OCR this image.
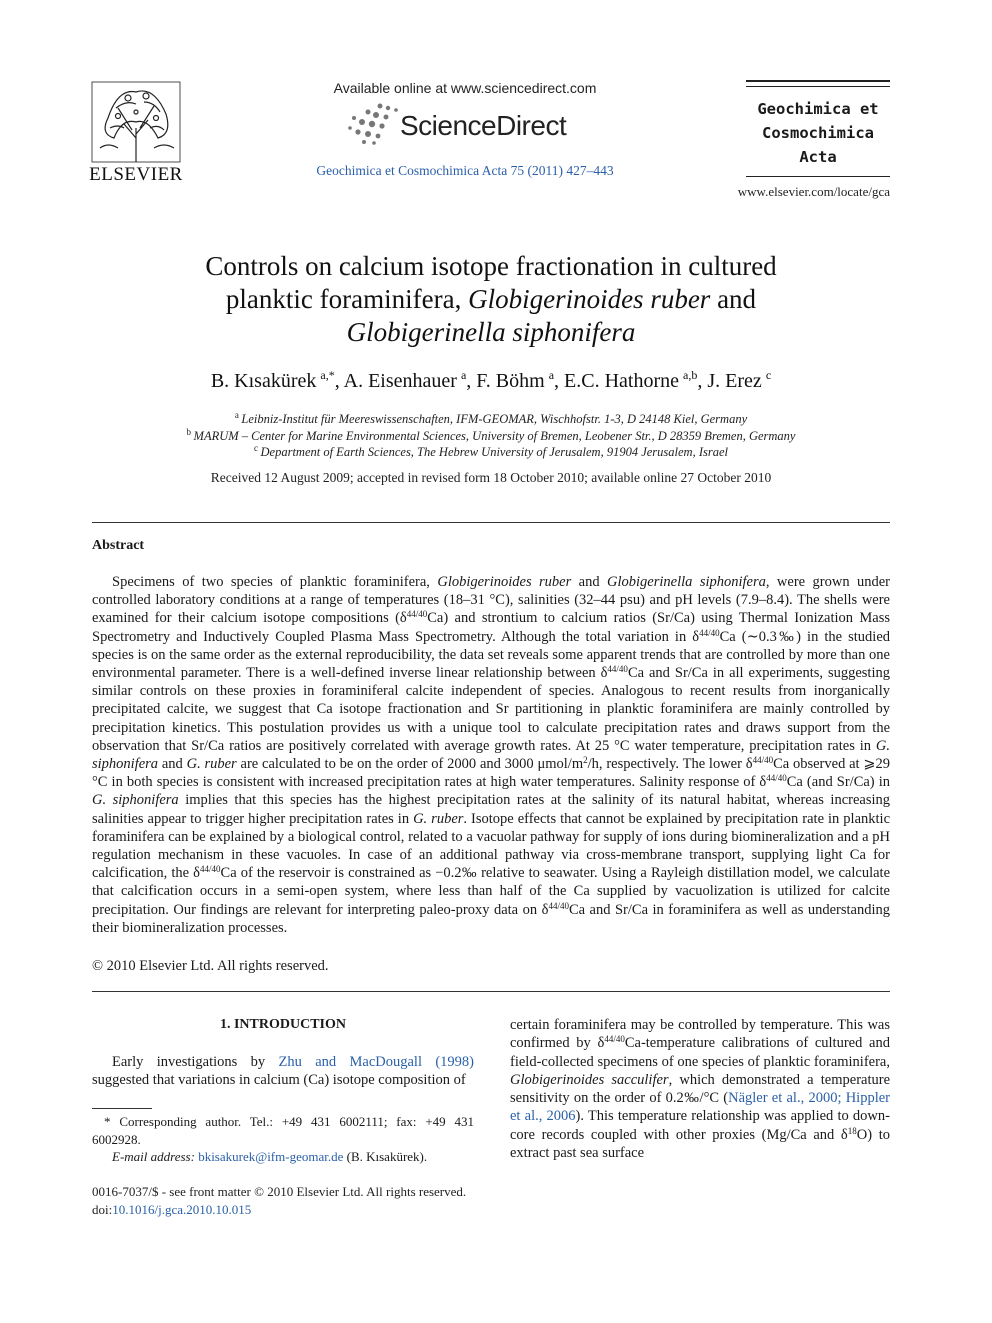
ELSEVIER
Available online at www.sciencedirect.com
ScienceDirect
Geochimica et Cosmochimica Acta 75 (2011) 427–443
Geochimica et
Cosmochimica
Acta
www.elsevier.com/locate/gca
Controls on calcium isotope fractionation in cultured
planktic foraminifera, Globigerinoides ruber and
Globigerinella siphonifera
B. Kısakürek  $^{a,*}$, A. Eisenhauer  $^a$, F. Böhm  $^a$, E.C. Hathorne  $^{a,b}$, J. Erez  $^c$
$^a$  Leibniz-Institut für Meereswissenschaften, IFM-GEOMAR, Wischhofstr. 1-3, D 24148 Kiel, Germany
$^b$  MARUM – Center for Marine Environmental Sciences, University of Bremen, Leobener Str., D 28359 Bremen, Germany
$^c$  Department of Earth Sciences, The Hebrew University of Jerusalem, 91904 Jerusalem, Israel
Received 12 August 2009; accepted in revised form 18 October 2010; available online 27 October 2010
Abstract
Specimens of two species of planktic foraminifera, Globigerinoides ruber and Globigerinella siphonifera, were grown under controlled laboratory conditions at a range of temperatures (18–31 °C), salinities (32–44 psu) and pH levels (7.9–8.4). The shells were examined for their calcium isotope compositions $(\delta^{44/40}Ca)$ and strontium to calcium ratios (Sr/Ca) using Thermal Ionization Mass Spectrometry and Inductively Coupled Plasma Mass Spectrometry. Although the total variation in $\delta^{44/40}Ca$ (∼0.3‰) in the studied species is on the same order as the external reproducibility, the data set reveals some apparent trends that are controlled by more than one environmental parameter. There is a well-defined inverse linear relationship between $\delta^{44/40}Ca$ and Sr/Ca in all experiments, suggesting similar controls on these proxies in foraminiferal calcite independent of species. Analogous to recent results from inorganically precipitated calcite, we suggest that Ca isotope fractionation and Sr partitioning in planktic foraminifera are mainly controlled by precipitation kinetics. This postulation provides us with a unique tool to calculate precipitation rates and draws support from the observation that Sr/Ca ratios are positively correlated with average growth rates. At 25 °C water temperature, precipitation rates in G. siphonifera and G. ruber are calculated to be on the order of 2000 and 3000 μmol/$m^2/h$, respectively. The lower $\delta^{44/40}Ca$ observed at ⩾29 °C in both species is consistent with increased precipitation rates at high water temperatures. Salinity response of $\delta^{44/40}Ca$ (and Sr/Ca) in G. siphonifera implies that this species has the highest precipitation rates at the salinity of its natural habitat, whereas increasing salinities appear to trigger higher precipitation rates in G. ruber. Isotope effects that cannot be explained by precipitation rate in planktic foraminifera can be explained by a biological control, related to a vacuolar pathway for supply of ions during biomineralization and a pH regulation mechanism in these vacuoles. In case of an additional pathway via cross-membrane transport, supplying light Ca for calcification, the $\delta^{44/40}Ca$ of the reservoir is constrained as −0.2‰ relative to seawater. Using a Rayleigh distillation model, we calculate that calcification occurs in a semi-open system, where less than half of the Ca supplied by vacuolization is utilized for calcite precipitation. Our findings are relevant for interpreting paleo-proxy data on $\delta^{44/40}Ca$ and Sr/Ca in foraminifera as well as understanding their biomineralization processes.
© 2010 Elsevier Ltd. All rights reserved.
1. INTRODUCTION
Early investigations by Zhu and MacDougall (1998) suggested that variations in calcium (Ca) isotope composition of
* Corresponding author. Tel.: +49 431 6002111; fax: +49 431 6002928.
E-mail address: bkisakurek@ifm-geomar.de (B. Kısakürek).
0016-7037/$ - see front matter © 2010 Elsevier Ltd. All rights reserved.
doi:10.1016/j.gca.2010.10.015
certain foraminifera may be controlled by temperature. This was confirmed by $\delta^{44/40}Ca$-temperature calibrations of cultured and field-collected specimens of one species of planktic foraminifera, Globigerinoides sacculifer, which demonstrated a temperature sensitivity on the order of 0.2‰/°C (Nägler et al., 2000; Hippler et al., 2006). This temperature relationship was applied to down-core records coupled with other proxies (Mg/Ca and $\delta^{18}O$) to extract past sea surface
